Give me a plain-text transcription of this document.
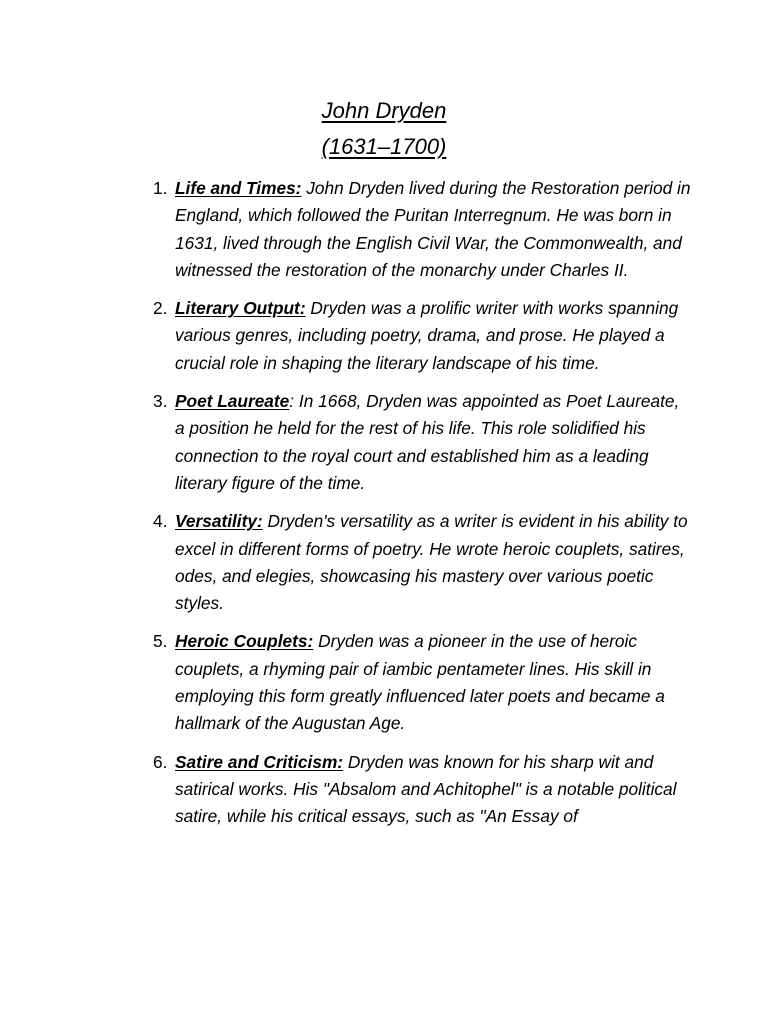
John Dryden
(1631–1700)
1. Life and Times: John Dryden lived during the Restoration period in England, which followed the Puritan Interregnum. He was born in 1631, lived through the English Civil War, the Commonwealth, and witnessed the restoration of the monarchy under Charles II.
2. Literary Output: Dryden was a prolific writer with works spanning various genres, including poetry, drama, and prose. He played a crucial role in shaping the literary landscape of his time.
3. Poet Laureate: In 1668, Dryden was appointed as Poet Laureate, a position he held for the rest of his life. This role solidified his connection to the royal court and established him as a leading literary figure of the time.
4. Versatility: Dryden's versatility as a writer is evident in his ability to excel in different forms of poetry. He wrote heroic couplets, satires, odes, and elegies, showcasing his mastery over various poetic styles.
5. Heroic Couplets: Dryden was a pioneer in the use of heroic couplets, a rhyming pair of iambic pentameter lines. His skill in employing this form greatly influenced later poets and became a hallmark of the Augustan Age.
6. Satire and Criticism: Dryden was known for his sharp wit and satirical works. His "Absalom and Achitophel" is a notable political satire, while his critical essays, such as "An Essay of
